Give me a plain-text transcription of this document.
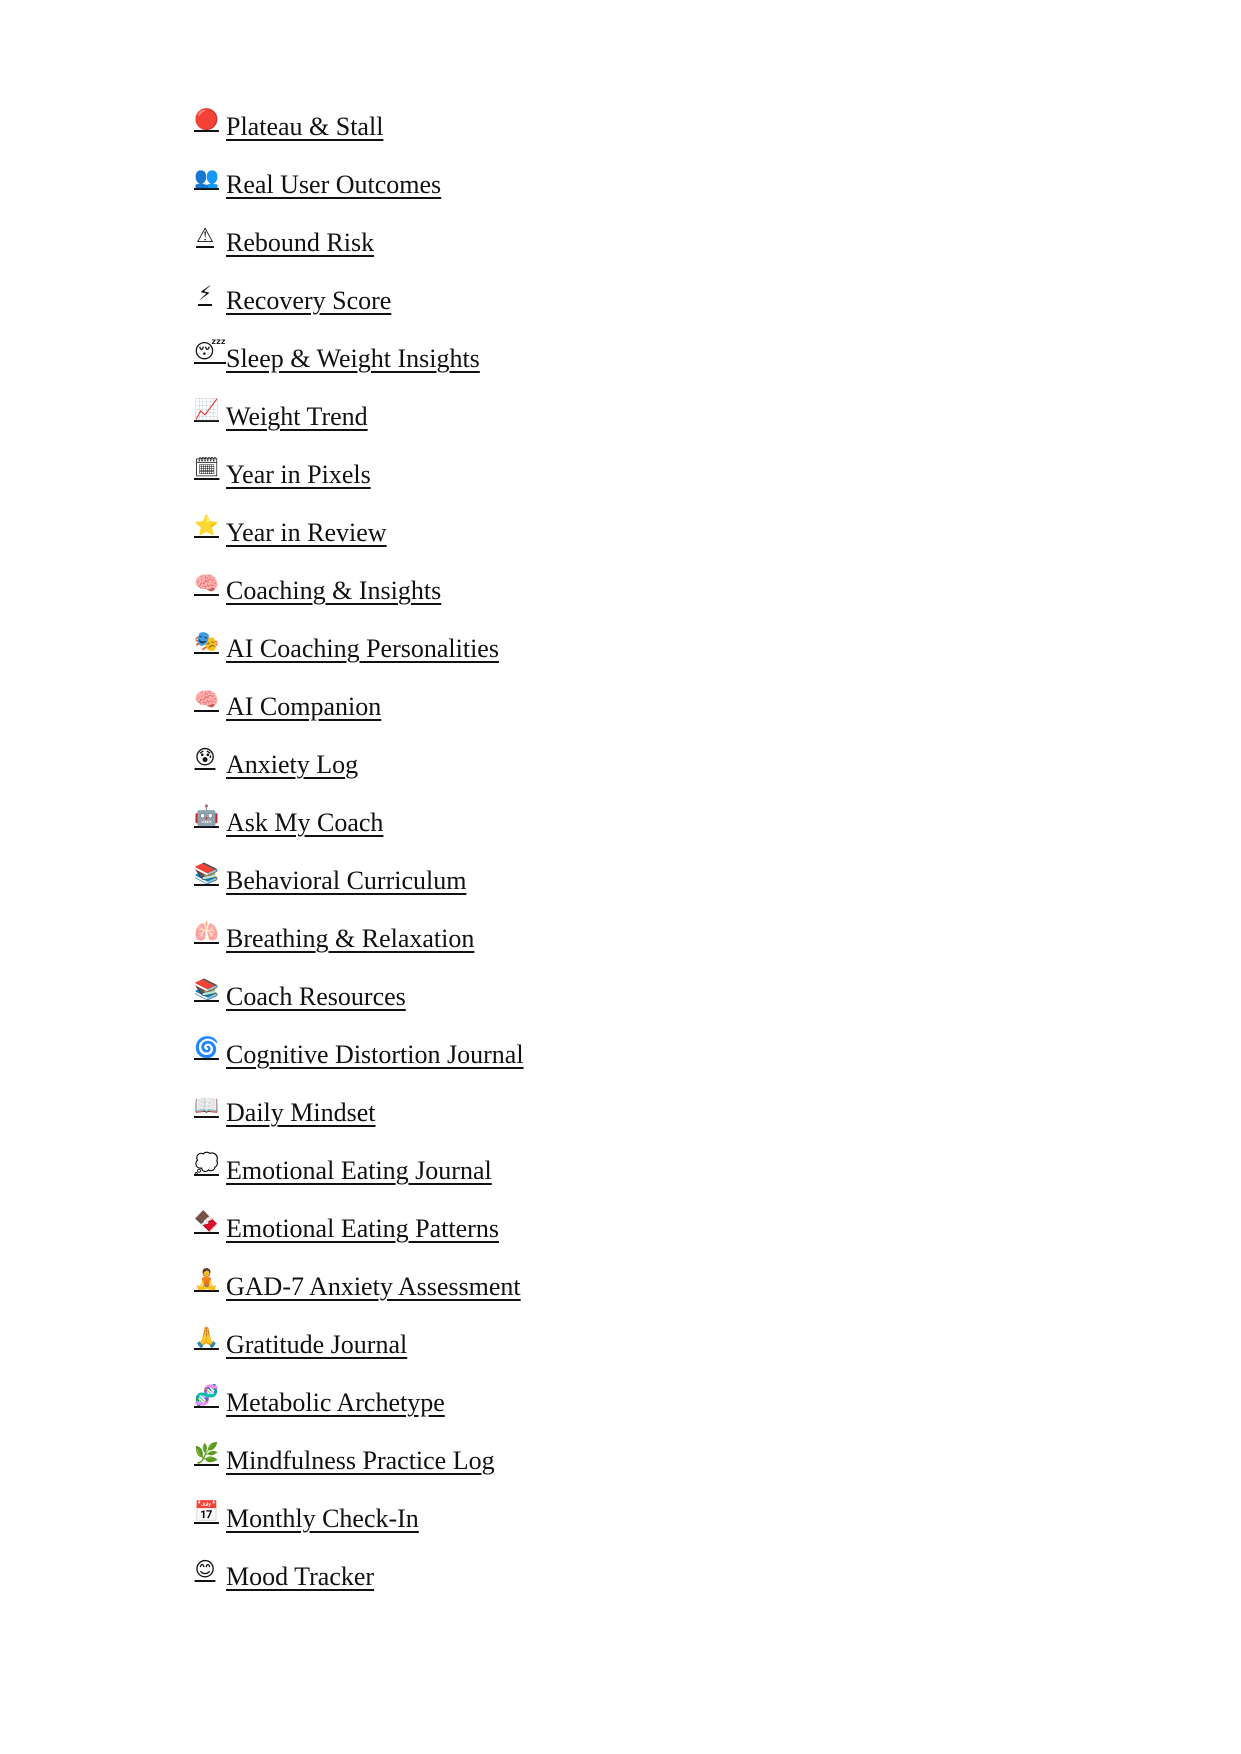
🔴 Plateau & Stall
👥 Real User Outcomes
⚠ Rebound Risk
⚡ Recovery Score
😴 Sleep & Weight Insights
📈 Weight Trend
🗓 Year in Pixels
⭐ Year in Review
🧠 Coaching & Insights
🎭 AI Coaching Personalities
🧠 AI Companion
😰 Anxiety Log
🤖 Ask My Coach
📚 Behavioral Curriculum
🫁 Breathing & Relaxation
📚 Coach Resources
🌀 Cognitive Distortion Journal
📖 Daily Mindset
💭 Emotional Eating Journal
🍫 Emotional Eating Patterns
🧘 GAD-7 Anxiety Assessment
🙏 Gratitude Journal
🧬 Metabolic Archetype
🌿 Mindfulness Practice Log
📅 Monthly Check-In
😊 Mood Tracker
